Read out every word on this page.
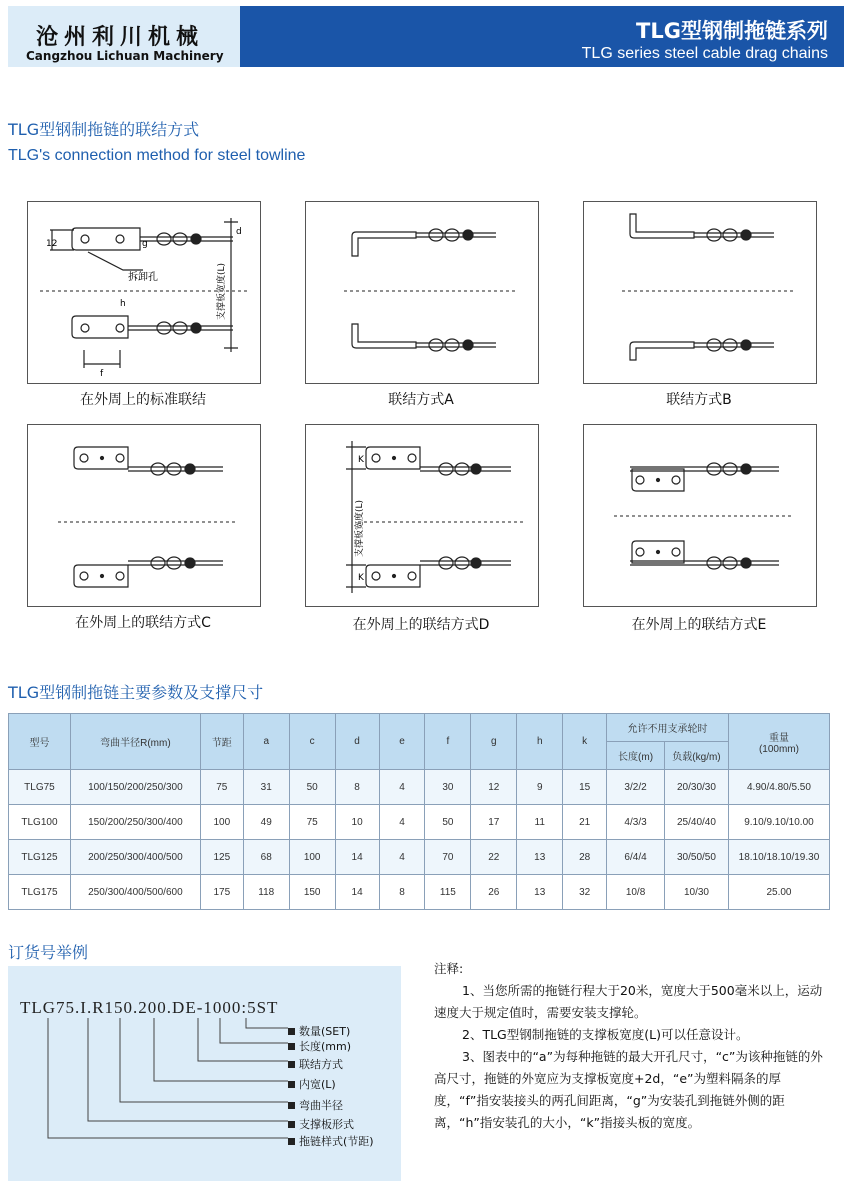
沧州利川机械
Cangzhou Lichuan Machinery
TLG型钢制拖链系列
TLG series steel cable drag chains
TLG型钢制拖链的联结方式
TLG's connection method for steel towline
12
拆卸孔	支撑板宽度(L)
d
g
h
f
在外周上的标准联结	联结方式A	联结方式B
在外周上的联结方式C
K
K
支撑板宽度(L)
在外周上的联结方式D	在外周上的联结方式E
TLG型钢制拖链主要参数及支撑尺寸
型号	弯曲半径R(mm)	节距	a	c	d	e	f	g	h	k	允许不用支承轮时		重量
(100mm)

											长度(m)	负载(kg/m)	
TLG75	100/150/200/250/300	75	31	50	8	4	30	12	9	15	3/2/2	20/30/30	4.90/4.80/5.50
TLG100	150/200/250/300/400	100	49	75	10	4	50	17	11	21	4/3/3	25/40/40	9.10/9.10/10.00
TLG125	200/250/300/400/500	125	68	100	14	4	70	22	13	28	6/4/4	30/50/50	18.10/18.10/19.30
TLG175	250/300/400/500/600	175	118	150	14	8	115	26	13	32	10/8	10/30	25.00
订货号举例
TLG75.I.R150.200.DE-1000:5ST
数量(SET)
长度(mm)
联结方式
内宽(L)
弯曲半径
支撑板形式
拖链样式(节距)

注释:

1、当您所需的拖链行程大于20米，宽度大于500毫米以上，运动速度大于规定值时，需要安装支撑轮。

2、TLG型钢制拖链的支撑板宽度(L)可以任意设计。

3、图表中的“a”为每种拖链的最大开孔尺寸，“c”为该种拖链的外高尺寸，拖链的外宽应为支撑板宽度+2d，“e”为塑料隔条的厚度，“f”指安装接头的两孔间距离，“g”为安装孔到拖链外侧的距离，“h”指安装孔的大小，“k”指接头板的宽度。
